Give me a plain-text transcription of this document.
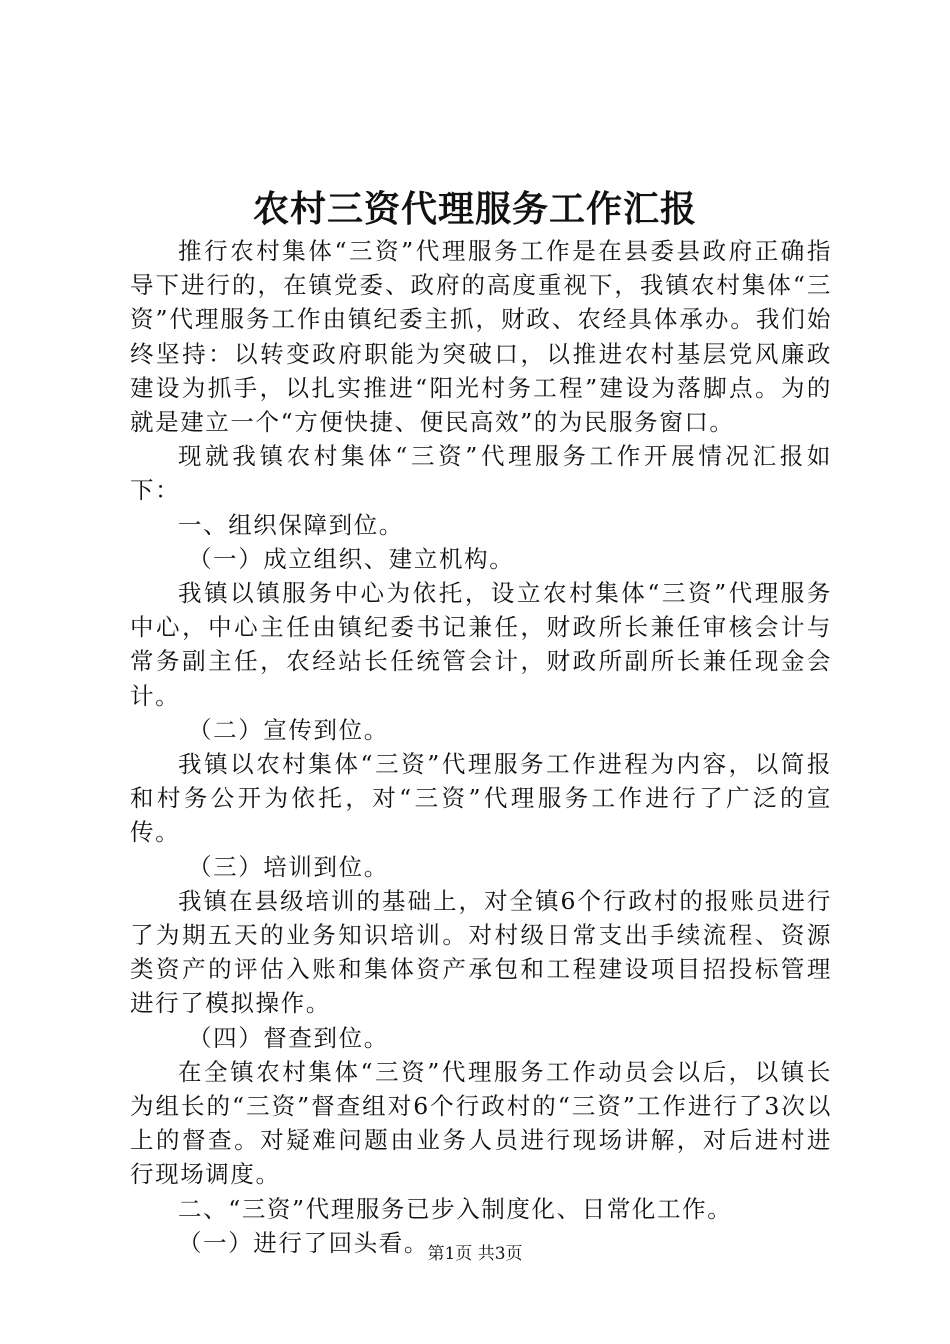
农村三资代理服务工作汇报

推行农村集体“三资”代理服务工作是在县委县政府正确指导下进行的，在镇党委、政府的高度重视下，我镇农村集体“三资”代理服务工作由镇纪委主抓，财政、农经具体承办。我们始终坚持：以转变政府职能为突破口，以推进农村基层党风廉政建设为抓手，以扎实推进“阳光村务工程”建设为落脚点。为的就是建立一个“方便快捷、便民高效”的为民服务窗口。

现就我镇农村集体“三资”代理服务工作开展情况汇报如下：

一、组织保障到位。

（一）成立组织、建立机构。

我镇以镇服务中心为依托，设立农村集体“三资”代理服务中心，中心主任由镇纪委书记兼任，财政所长兼任审核会计与常务副主任，农经站长任统管会计，财政所副所长兼任现金会计。

（二）宣传到位。

我镇以农村集体“三资”代理服务工作进程为内容，以简报和村务公开为依托，对“三资”代理服务工作进行了广泛的宣传。

（三）培训到位。

我镇在县级培训的基础上，对全镇6个行政村的报账员进行了为期五天的业务知识培训。对村级日常支出手续流程、资源类资产的评估入账和集体资产承包和工程建设项目招投标管理进行了模拟操作。

（四）督查到位。

在全镇农村集体“三资”代理服务工作动员会以后，以镇长为组长的“三资”督查组对6个行政村的“三资”工作进行了3次以上的督查。对疑难问题由业务人员进行现场讲解，对后进村进行现场调度。

二、“三资”代理服务已步入制度化、日常化工作。

（一）进行了回头看。

第1页 共3页
